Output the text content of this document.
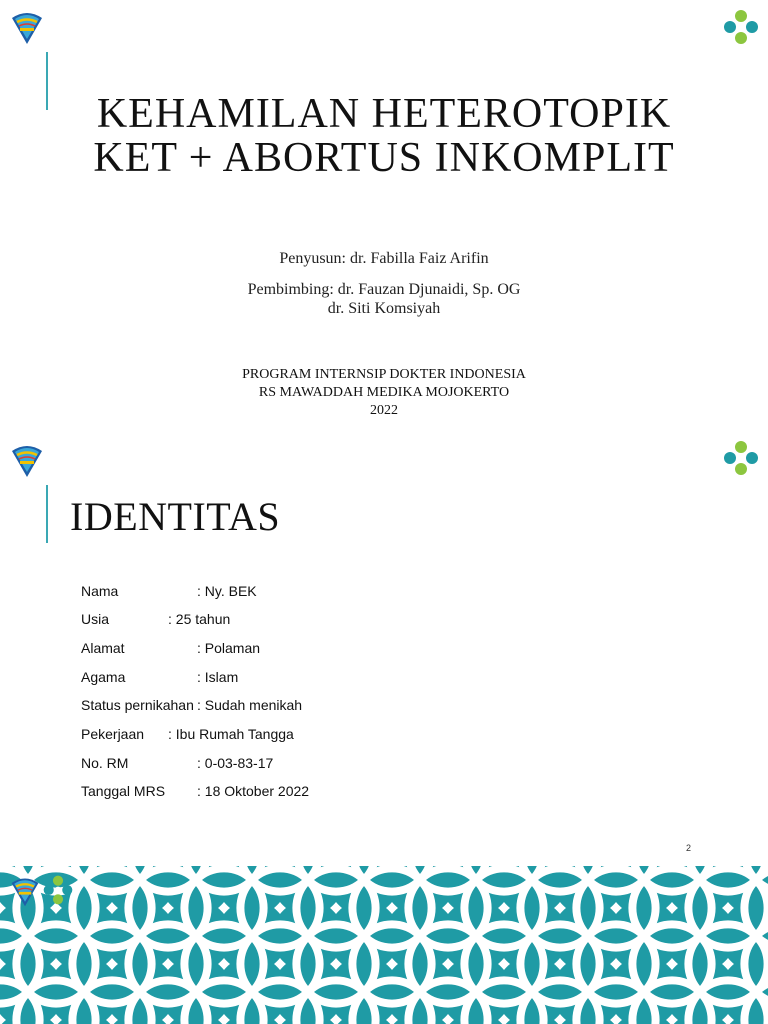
KEHAMILAN HETEROTOPIK
KET + ABORTUS INKOMPLIT
Penyusun: dr. Fabilla Faiz Arifin
Pembimbing: dr. Fauzan Djunaidi, Sp. OG
dr. Siti Komsiyah
PROGRAM INTERNSIP DOKTER INDONESIA
RS MAWADDAH MEDIKA MOJOKERTO
2022
IDENTITAS
Nama	: Ny. BEK
Usia	: 25 tahun
Alamat	: Polaman
Agama	: Islam
Status pernikahan : Sudah menikah
Pekerjaan : Ibu Rumah Tangga
No. RM	: 0-03-83-17
Tanggal MRS : 18 Oktober 2022
2
